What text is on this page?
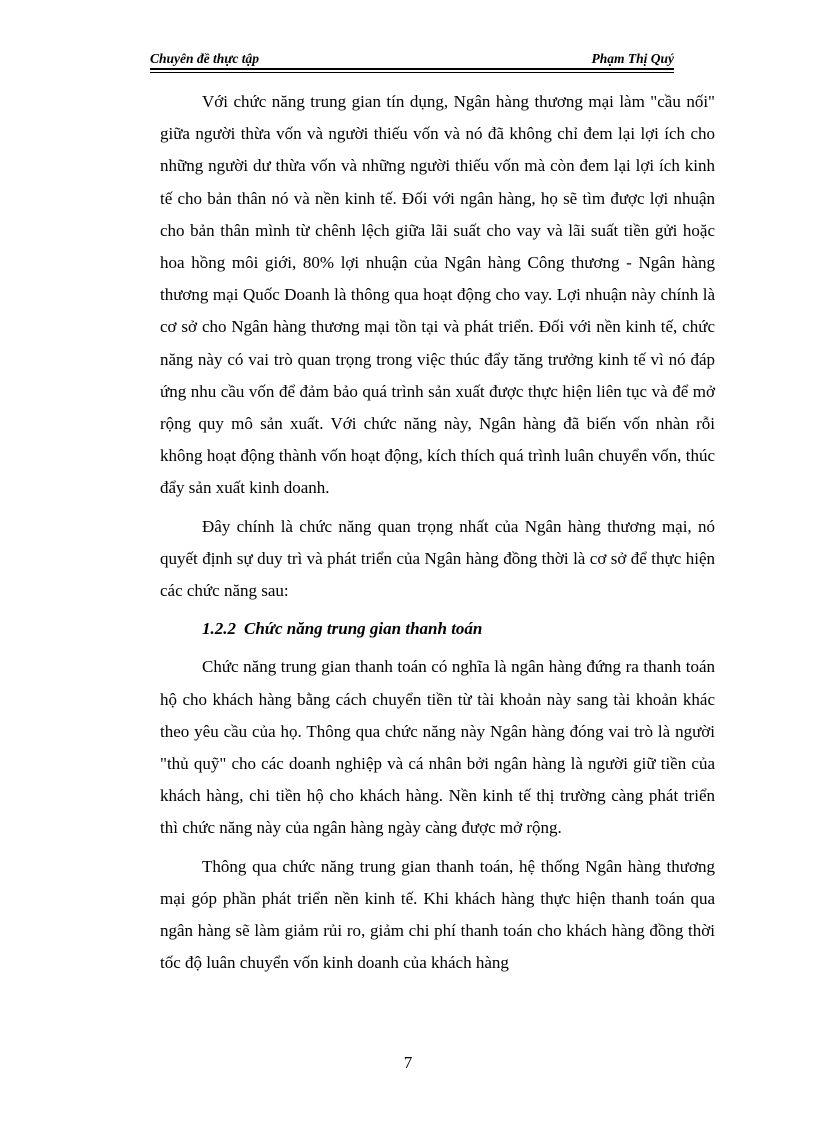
Chuyên đề thực tập	Phạm Thị Quý

Với chức năng trung gian tín dụng, Ngân hàng thương mại làm "cầu nối" giữa người thừa vốn và người thiếu vốn và nó đã không chỉ đem lại lợi ích cho những người dư thừa vốn và những người thiếu vốn mà còn đem lại lợi ích kinh tế cho bản thân nó và nền kinh tế. Đối với ngân hàng, họ sẽ tìm được lợi nhuận cho bản thân mình từ chênh lệch giữa lãi suất cho vay và lãi suất tiền gửi hoặc hoa hồng môi giới, 80% lợi nhuận của Ngân hàng Công thương - Ngân hàng thương mại Quốc Doanh là thông qua hoạt động cho vay. Lợi nhuận này chính là cơ sở cho Ngân hàng thương mại tồn tại và phát triển. Đối với nền kinh tế, chức năng này có vai trò quan trọng trong việc thúc đẩy tăng trưởng kinh tế vì nó đáp ứng nhu cầu vốn để đảm bảo quá trình sản xuất được thực hiện liên tục và để mở rộng quy mô sản xuất. Với chức năng này, Ngân hàng đã biến vốn nhàn rỗi không hoạt động thành vốn hoạt động, kích thích quá trình luân chuyển vốn, thúc đẩy sản xuất kinh doanh.

Đây chính là chức năng quan trọng nhất của Ngân hàng thương mại, nó quyết định sự duy trì và phát triển của Ngân hàng đồng thời là cơ sở để thực hiện các chức năng sau:

1.2.2 Chức năng trung gian thanh toán

Chức năng trung gian thanh toán có nghĩa là ngân hàng đứng ra thanh toán hộ cho khách hàng bằng cách chuyển tiền từ tài khoản này sang tài khoản khác theo yêu cầu của họ. Thông qua chức năng này Ngân hàng đóng vai trò là người "thủ quỹ" cho các doanh nghiệp và cá nhân bởi ngân hàng là người giữ tiền của khách hàng, chi tiền hộ cho khách hàng. Nền kinh tế thị trường càng phát triển thì chức năng này của ngân hàng ngày càng được mở rộng.

Thông qua chức năng trung gian thanh toán, hệ thống Ngân hàng thương mại góp phần phát triển nền kinh tế. Khi khách hàng thực hiện thanh toán qua ngân hàng sẽ làm giảm rủi ro, giảm chi phí thanh toán cho khách hàng đồng thời tốc độ luân chuyển vốn kinh doanh của khách hàng

7
